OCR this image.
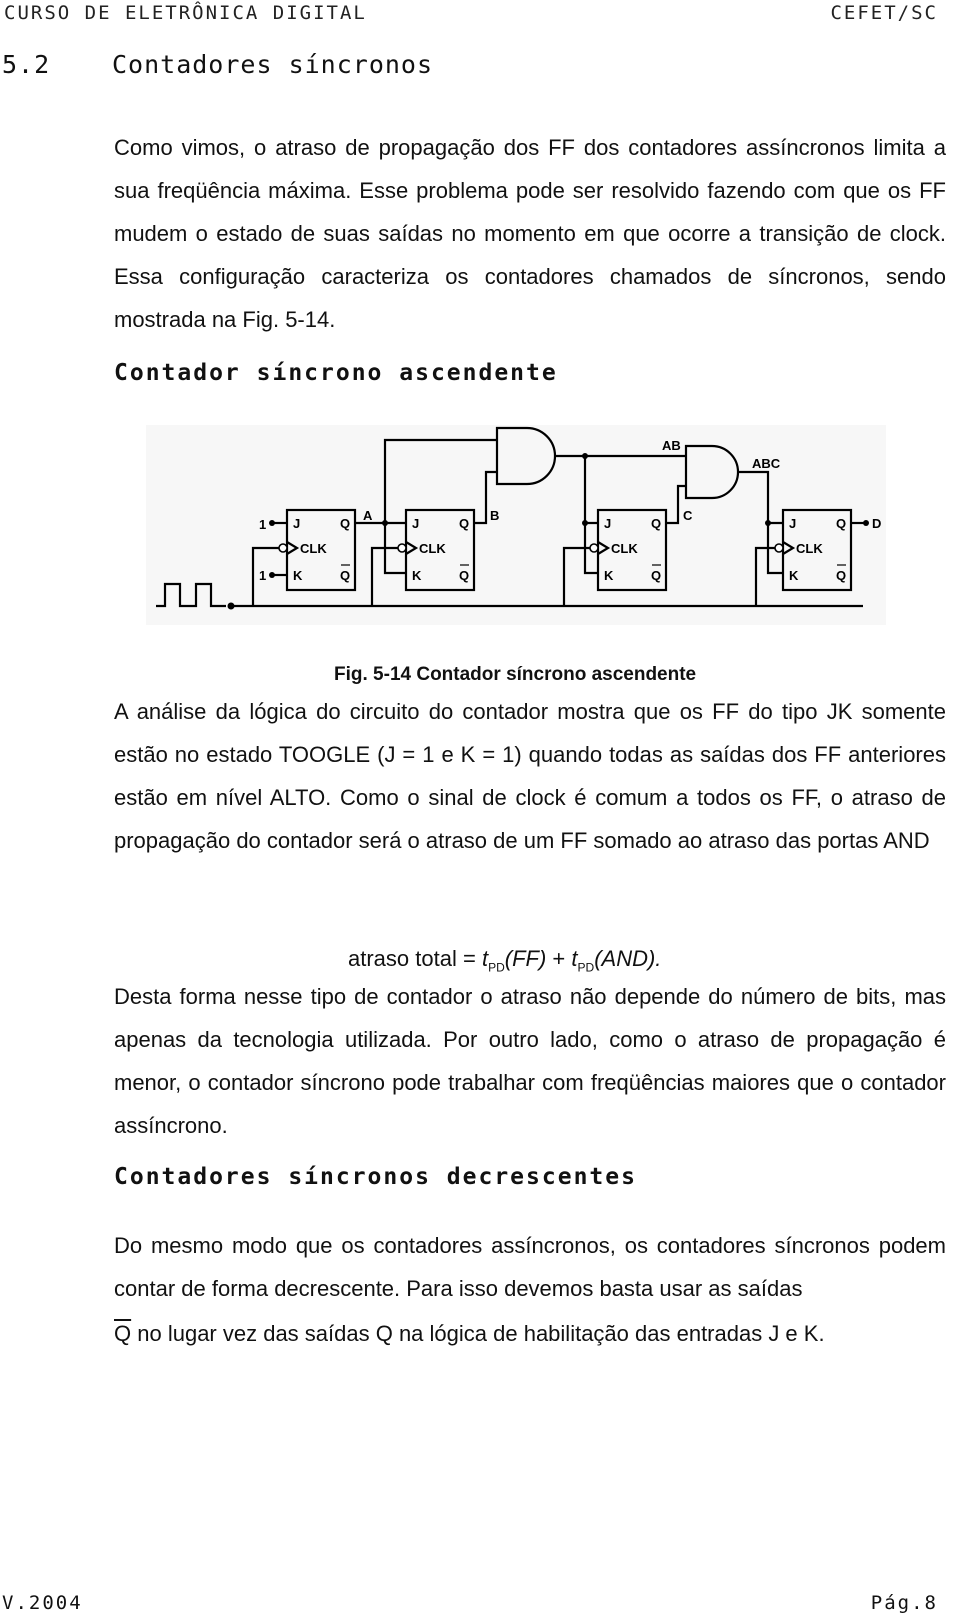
CURSO DE ELETRÔNICA DIGITAL	CEFET/SC
5.2 Contadores síncronos

Como vimos, o atraso de propagação dos FF dos contadores assíncronos limita a sua freqüência máxima. Esse problema pode ser resolvido fazendo com que os FF mudem o estado de suas saídas no momento em que ocorre a transição de clock. Essa configuração caracteriza os contadores chamados de síncronos, sendo mostrada na Fig. 5-14.

Contador síncrono ascendente
J
K
CLK
Q
Q
J
K
CLK
Q
Q
J
K
CLK
Q
Q
J
K
CLK
Q
Q
1
1
A	B	C
D
AB
ABC
Fig. 5-14 Contador síncrono ascendente

A análise da lógica do circuito do contador mostra que os FF do tipo JK somente estão no estado TOOGLE (J = 1 e K = 1) quando todas as saídas dos FF anteriores estão em nível ALTO. Como o sinal de clock é comum a todos os FF, o atraso de propagação do contador será o atraso de um FF somado ao atraso das portas AND

atraso total = $t_{PD}(FF) + t_{PD}(AND)$.

Desta forma nesse tipo de contador o atraso não depende do número de bits, mas apenas da tecnologia utilizada. Por outro lado, como o atraso de propagação é menor, o contador síncrono pode trabalhar com freqüências maiores que o contador assíncrono.

Contadores síncronos decrescentes

Do mesmo modo que os contadores assíncronos, os contadores síncronos podem contar de forma decrescente. Para isso devemos basta usar as saídas

$\overline{Q}$ no lugar vez das saídas Q na lógica de habilitação das entradas J e K.
V.2004	Pág.8
